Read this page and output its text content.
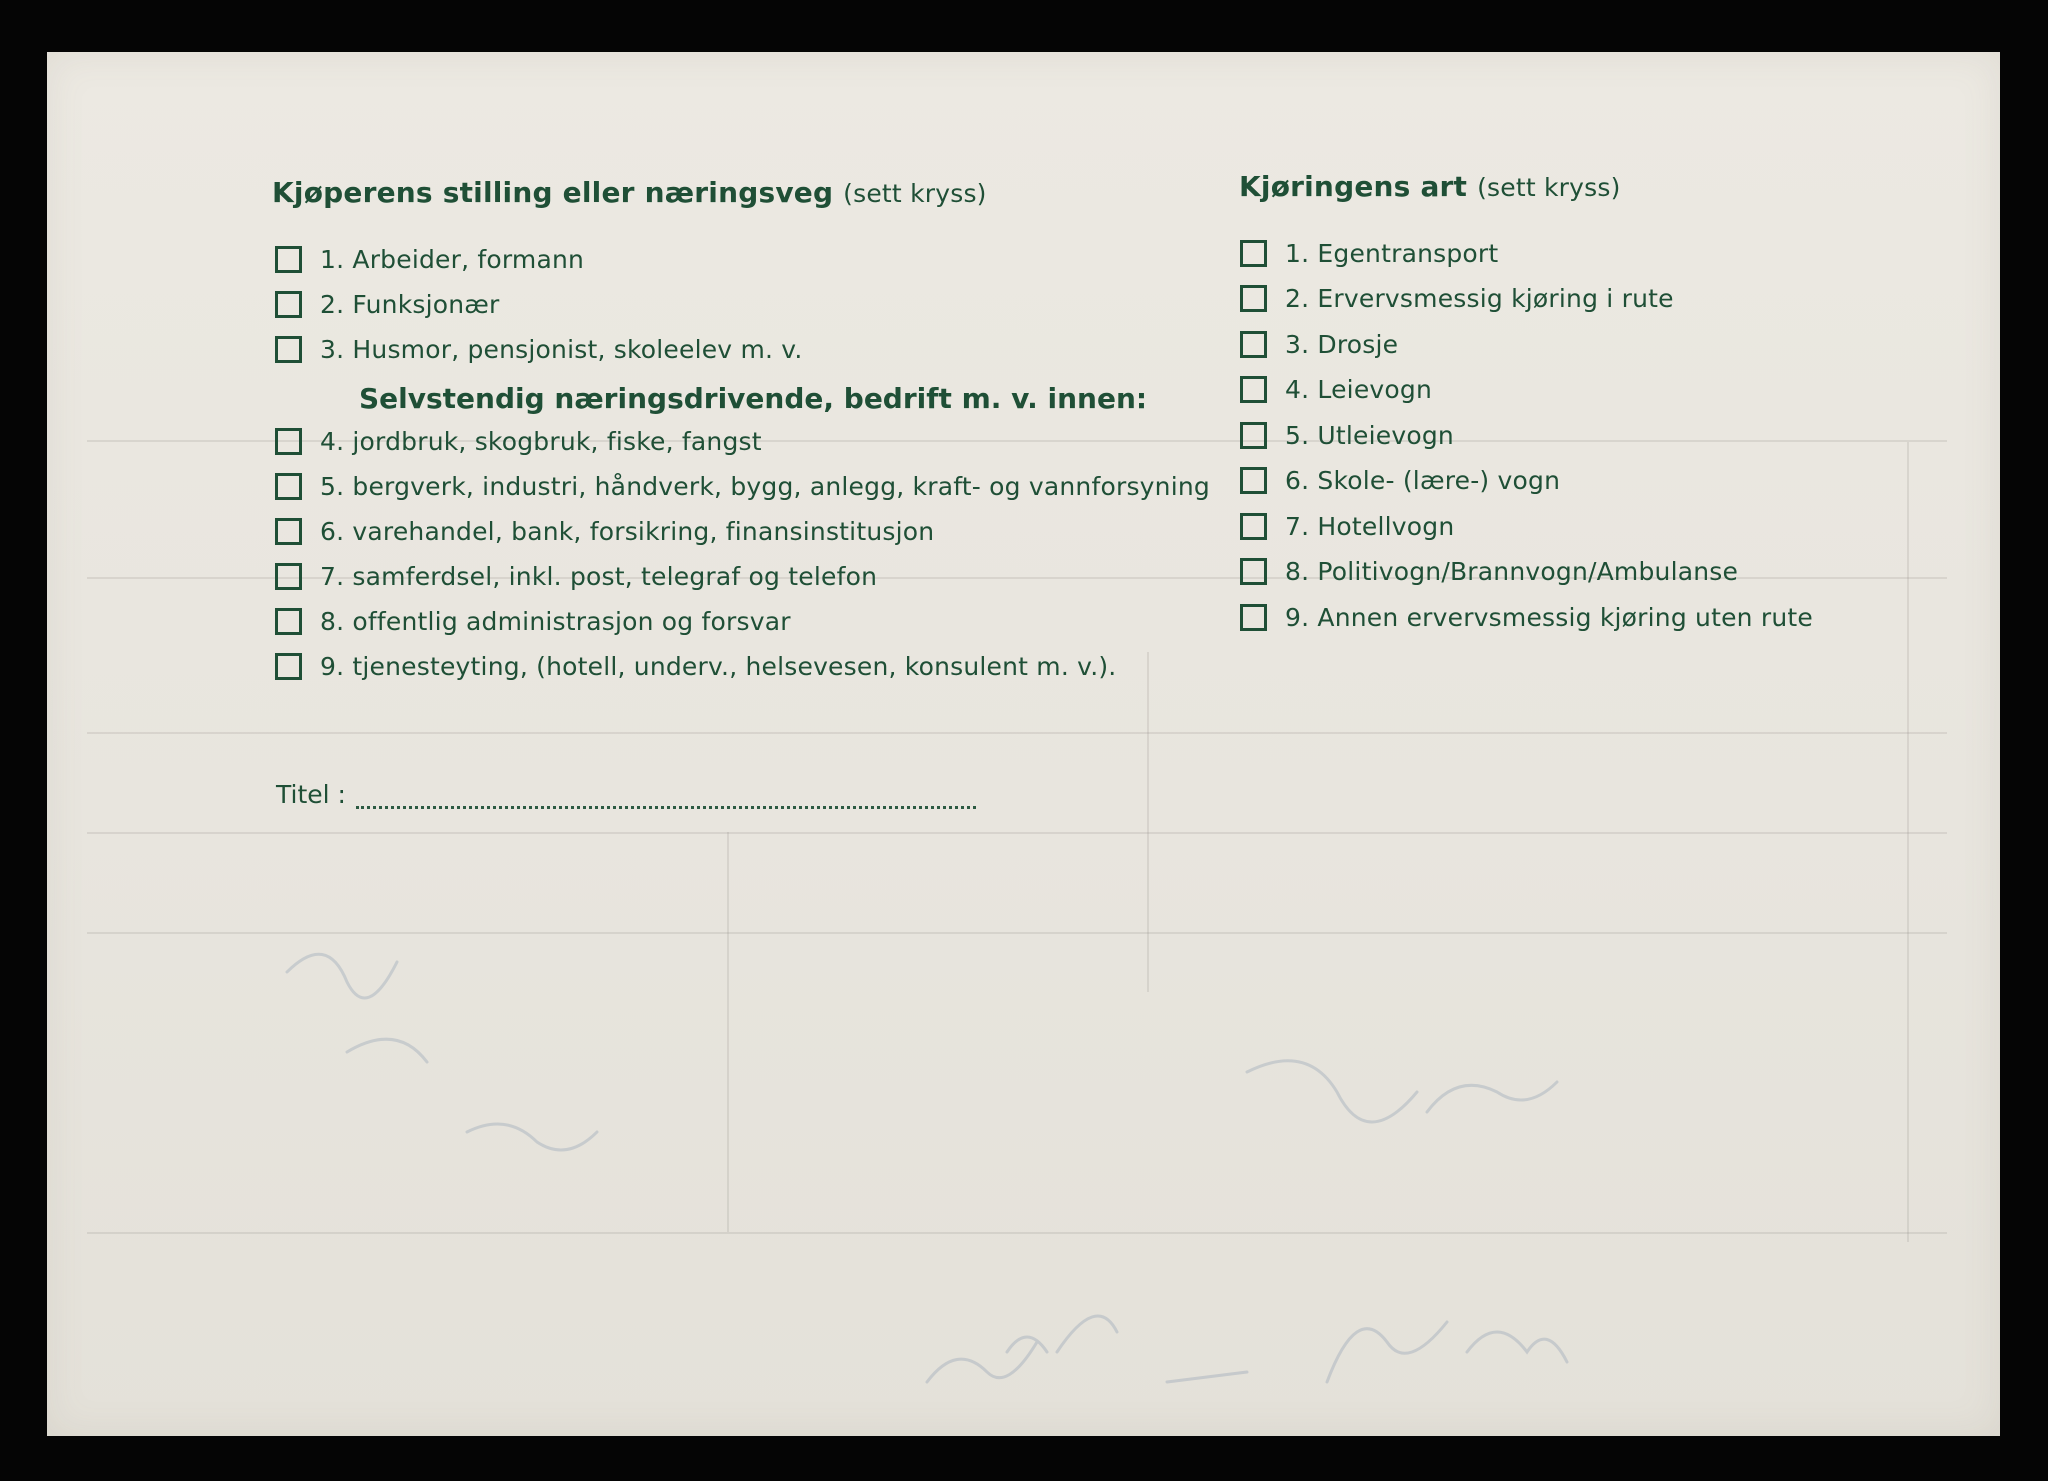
Kjøperens stilling eller næringsveg (sett kryss)
1. Arbeider, formann
2. Funksjonær
3. Husmor, pensjonist, skoleelev m. v.
Selvstendig næringsdrivende, bedrift m. v. innen:
4. jordbruk, skogbruk, fiske, fangst
5. bergverk, industri, håndverk, bygg, anlegg, kraft- og vannforsyning
6. varehandel, bank, forsikring, finansinstitusjon
7. samferdsel, inkl. post, telegraf og telefon
8. offentlig administrasjon og forsvar
9. tjenesteyting, (hotell, underv., helsevesen, konsulent m. v.).
Titel :
Kjøringens art (sett kryss)
1. Egentransport
2. Ervervsmessig kjøring i rute
3. Drosje
4. Leievogn
5. Utleievogn
6. Skole- (lære-) vogn
7. Hotellvogn
8. Politivogn/Brannvogn/Ambulanse
9. Annen ervervsmessig kjøring uten rute
